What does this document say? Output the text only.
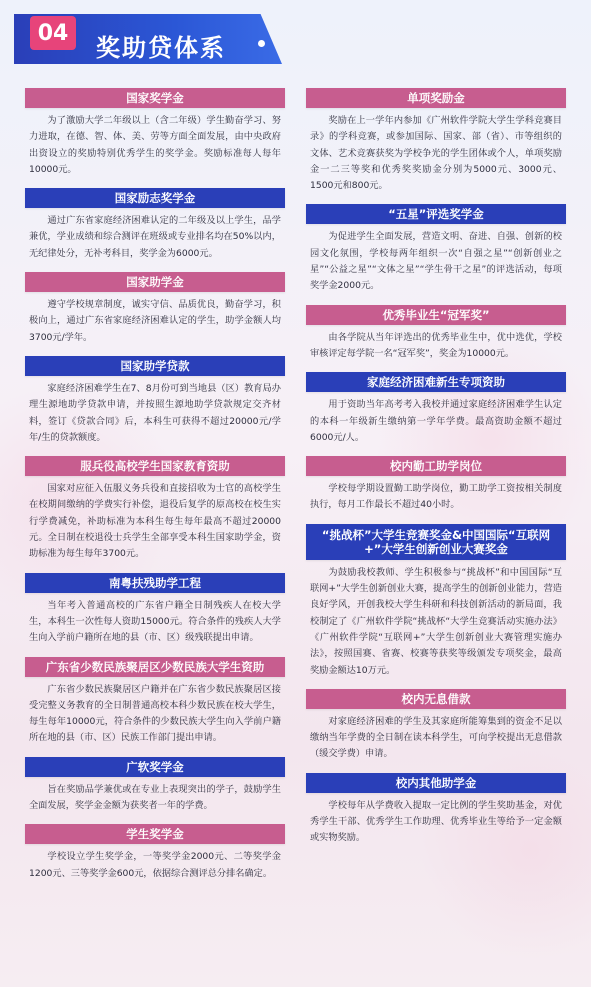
04
奖助贷体系
国家奖学金
为了激励大学二年级以上（含二年级）学生勤奋学习、努力进取，在德、智、体、美、劳等方面全面发展，由中央政府出资设立的奖励特别优秀学生的奖学金。奖励标准每人每年10000元。
国家励志奖学金
通过广东省家庭经济困难认定的二年级及以上学生，品学兼优，学业成绩和综合测评在班级或专业排名均在50%以内，无纪律处分，无补考科目，奖学金为6000元。
国家助学金
遵守学校规章制度，诚实守信、品质优良，勤奋学习，积极向上，通过广东省家庭经济困难认定的学生，助学金额人均3700元/学年。
国家助学贷款
家庭经济困难学生在7、8月份可到当地县（区）教育局办理生源地助学贷款申请，并按照生源地助学贷款规定交齐材料，签订《贷款合同》后，本科生可获得不超过20000元/学年/生的贷款额度。
服兵役高校学生国家教育资助
国家对应征入伍服义务兵役和直接招收为士官的高校学生在校期间缴纳的学费实行补偿，退役后复学的原高校在校生实行学费减免，补助标准为本科生每生每年最高不超过20000元。全日制在校退役士兵学生全部享受本科生国家助学金，资助标准为每生每年3700元。
南粤扶残助学工程
当年考入普通高校的广东省户籍全日制残疾人在校大学生，本科生一次性每人资助15000元。符合条件的残疾人大学生向入学前户籍所在地的县（市、区）级残联提出申请。
广东省少数民族聚居区少数民族大学生资助
广东省少数民族聚居区户籍并在广东省少数民族聚居区接受完整义务教育的全日制普通高校本科少数民族在校大学生，每生每年10000元，符合条件的少数民族大学生向入学前户籍所在地的县（市、区）民族工作部门提出申请。
广软奖学金
旨在奖励品学兼优或在专业上表现突出的学子，鼓励学生全面发展，奖学金金额为获奖者一年的学费。
学生奖学金
学校设立学生奖学金，一等奖学金2000元、二等奖学金1200元、三等奖学金600元，依据综合测评总分排名确定。
单项奖励金
奖励在上一学年内参加《广州软件学院大学生学科竞赛目录》的学科竞赛，或参加国际、国家、部（省）、市等组织的文体、艺术竞赛获奖为学校争光的学生团体或个人，单项奖励金一二三等奖和优秀奖奖励金分别为5000元、3000元、1500元和800元。
“五星”评选奖学金
为促进学生全面发展，营造文明、奋进、自强、创新的校园文化氛围，学校每两年组织一次“自强之星”“创新创业之星”“公益之星”“文体之星”“学生骨干之星”的评选活动，每项奖学金2000元。
优秀毕业生“冠军奖”
由各学院从当年评选出的优秀毕业生中，优中选优，学校审核评定每学院一名“冠军奖”，奖金为10000元。
家庭经济困难新生专项资助
用于资助当年高考考入我校并通过家庭经济困难学生认定的本科一年级新生缴纳第一学年学费。最高资助金额不超过6000元/人。
校内勤工助学岗位
学校每学期设置勤工助学岗位，勤工助学工资按相关制度执行，每月工作最长不超过40小时。
“挑战杯”大学生竞赛奖金&中国国际“互联网+”大学生创新创业大赛奖金
为鼓励我校教师、学生积极参与“挑战杯”和中国国际“互联网+”大学生创新创业大赛，提高学生的创新创业能力，营造良好学风，开创我校大学生科研和科技创新活动的新局面，我校制定了《广州软件学院“挑战杯“大学生竞赛活动实施办法》《广州软件学院“互联网+”大学生创新创业大赛管理实施办法》，按照国赛、省赛、校赛等获奖等级颁发专项奖金，最高奖励金额达10万元。
校内无息借款
对家庭经济困难的学生及其家庭所能筹集到的资金不足以缴纳当年学费的全日制在读本科学生，可向学校提出无息借款（缓交学费）申请。
校内其他助学金
学校每年从学费收入提取一定比例的学生奖助基金，对优秀学生干部、优秀学生工作助理、优秀毕业生等给予一定金额或实物奖励。
